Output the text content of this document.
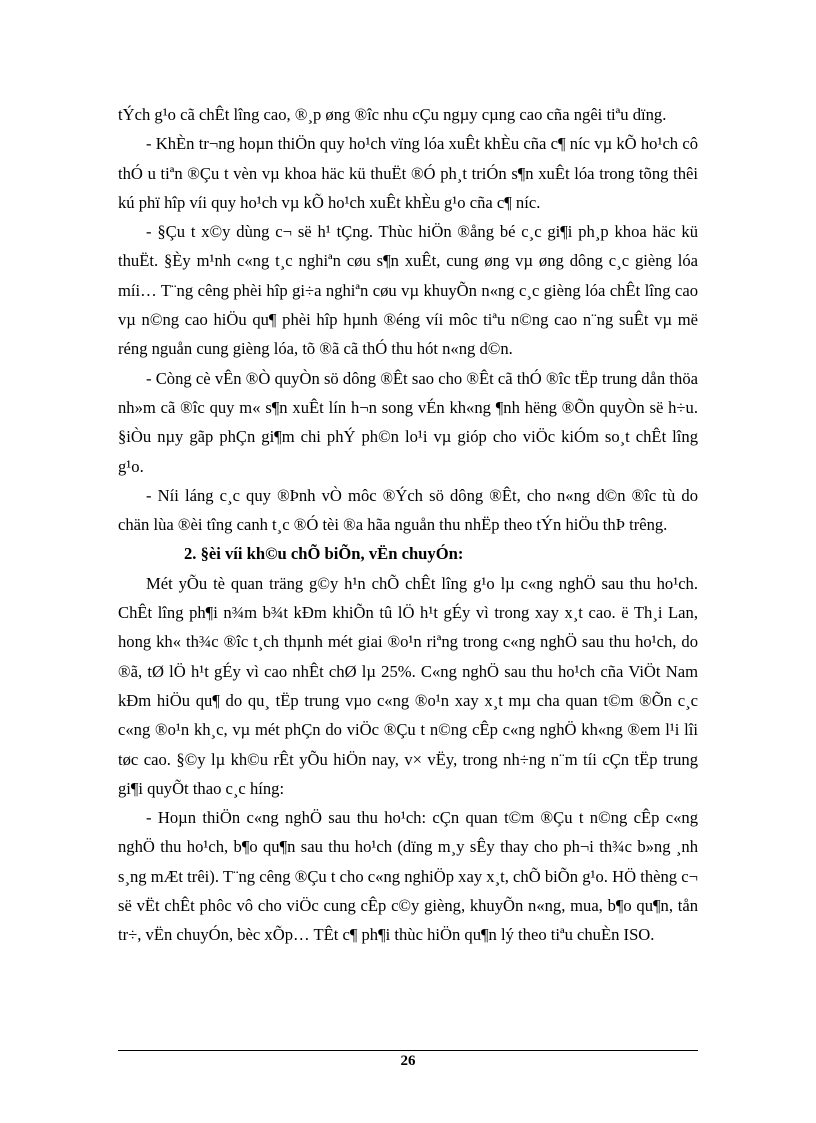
tÝch g¹o cã chÊt lîng cao, ®¸p øng ®îc nhu cÇu ngµy cµng cao cña ngêi tiªu dïng.

- KhÈn tr¬ng hoµn thiÖn quy ho¹ch vïng lóa xuÊt khÈu cña c¶ níc vµ kÕ ho¹ch cô thÓ u tiªn ®Çu t vèn vµ khoa häc kü thuËt ®Ó ph¸t triÓn s¶n xuÊt lóa trong tõng thêi kú phï hîp víi quy ho¹ch vµ kÕ ho¹ch xuÊt khÈu g¹o cña c¶ níc.

- §Çu t x©y dùng c¬ së h¹ tÇng. Thùc hiÖn ®ång bé c¸c gi¶i ph¸p khoa häc kü thuËt. §Èy m¹nh c«ng t¸c nghiªn cøu s¶n xuÊt, cung øng vµ øng dông c¸c gièng lóa míi… T¨ng cêng phèi hîp gi÷a nghiªn cøu vµ khuyÕn n«ng c¸c gièng lóa chÊt lîng cao vµ n©ng cao hiÖu qu¶ phèi hîp hµnh ®éng víi môc tiªu n©ng cao n¨ng suÊt vµ më réng nguån cung gièng lóa, tõ ®ã cã thÓ thu hót n«ng d©n.

- Còng cè vÊn ®Ò quyÒn sö dông ®Êt sao cho ®Êt cã thÓ ®îc tËp trung dån thöa nh»m cã ®îc quy m« s¶n xuÊt lín h¬n song vÉn kh«ng ¶nh hëng ®Õn quyÒn së h÷u. §iÒu nµy gãp phÇn gi¶m chi phÝ ph©n lo¹i vµ gióp cho viÖc kiÓm so¸t chÊt lîng g¹o.

- Níi láng c¸c quy ®Þnh vÒ môc ®Ých sö dông ®Êt, cho n«ng d©n ®îc tù do chän lùa ®èi tîng canh t¸c ®Ó tèi ®a hãa nguån thu nhËp theo tÝn hiÖu thÞ trêng.

2. §èi víi kh©u chÕ biÕn, vËn chuyÓn:

Mét yÕu tè quan träng g©y h¹n chÕ chÊt lîng g¹o lµ c«ng nghÖ sau thu ho¹ch. ChÊt lîng ph¶i n¾m b¾t kÐm khiÕn tû lÖ h¹t gÉy vì trong xay x¸t cao. ë Th¸i Lan, hong kh« th¾c ®îc t¸ch thµnh mét giai ®o¹n riªng trong c«ng nghÖ sau thu ho¹ch, do ®ã, tØ lÖ h¹t gÉy vì cao nhÊt chØ lµ 25%. C«ng nghÖ sau thu ho¹ch cña ViÖt Nam kÐm hiÖu qu¶ do qu¸ tËp trung vµo c«ng ®o¹n xay x¸t mµ cha quan t©m ®Õn c¸c c«ng ®o¹n kh¸c, vµ mét phÇn do viÖc ®Çu t n©ng cÊp c«ng nghÖ kh«ng ®em l¹i lîi tøc cao. §©y lµ kh©u rÊt yÕu hiÖn nay, v× vËy, trong nh÷ng n¨m tíi cÇn tËp trung gi¶i quyÕt thao c¸c híng:

- Hoµn thiÖn c«ng nghÖ sau thu ho¹ch: cÇn quan t©m ®Çu t n©ng cÊp c«ng nghÖ thu ho¹ch, b¶o qu¶n sau thu ho¹ch (dïng m¸y sÊy thay cho ph¬i th¾c b»ng ¸nh s¸ng mÆt trêi). T¨ng cêng ®Çu t cho c«ng nghiÖp xay x¸t, chÕ biÕn g¹o. HÖ thèng c¬ së vËt chÊt phôc vô cho viÖc cung cÊp c©y gièng, khuyÕn n«ng, mua, b¶o qu¶n, tån tr÷, vËn chuyÓn, bèc xÕp… TÊt c¶ ph¶i thùc hiÖn qu¶n lý theo tiªu chuÈn ISO.

26
